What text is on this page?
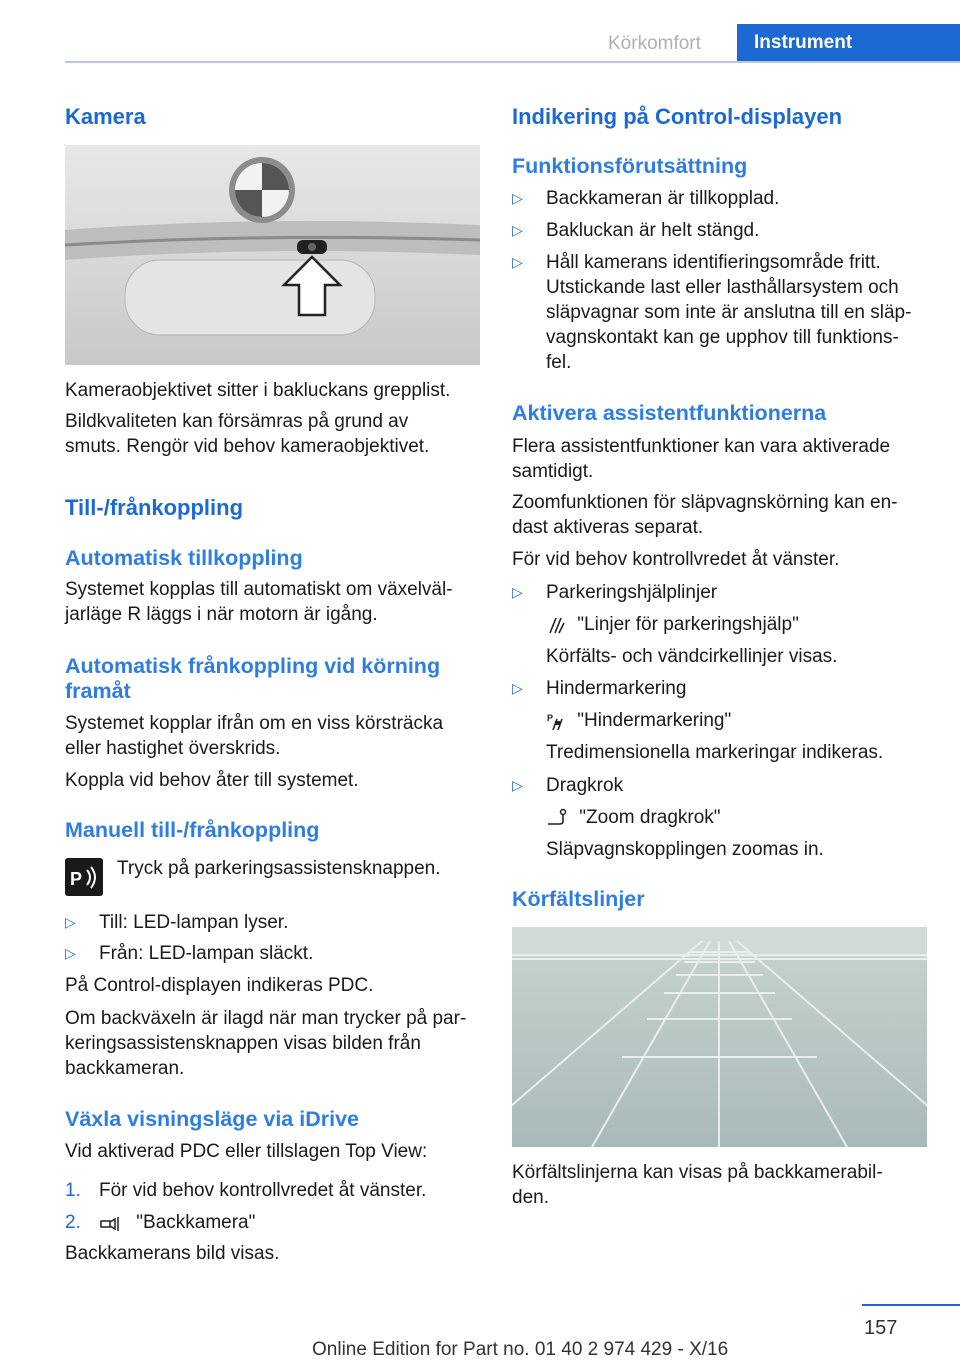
Körkomfort	Instrument
Kamera
Kameraobjektivet sitter i bakluckans grepplist.
Bildkvaliteten kan försämras på grund av
smuts. Rengör vid behov kameraobjektivet.
Till-/frånkoppling
Automatisk tillkoppling
Systemet kopplas till automatiskt om växelväl-
jarläge R läggs i när motorn är igång.
Automatisk frånkoppling vid körning
framåt
Systemet kopplar ifrån om en viss körsträcka
eller hastighet överskrids.
Koppla vid behov åter till systemet.
Manuell till-/frånkoppling
P Tryck på parkeringsassistensknappen.
▷ Till: LED-lampan lyser.
▷ Från: LED-lampan släckt.
På Control-displayen indikeras PDC.
Om backväxeln är ilagd när man trycker på par-
keringsassistensknappen visas bilden från
backkameran.
Växla visningsläge via iDrive
Vid aktiverad PDC eller tillslagen Top View:
1. För vid behov kontrollvredet åt vänster.
2.	"Backkamera"
Backkamerans bild visas.
Indikering på Control-displayen
Funktionsförutsättning
▷ Backkameran är tillkopplad.
▷ Bakluckan är helt stängd.
▷ Håll kamerans identifieringsområde fritt.
Utstickande last eller lasthållarsystem och
släpvagnar som inte är anslutna till en släp-
vagnskontakt kan ge upphov till funktions-
fel.
Aktivera assistentfunktionerna
Flera assistentfunktioner kan vara aktiverade
samtidigt.
Zoomfunktionen för släpvagnskörning kan en-
dast aktiveras separat.
För vid behov kontrollvredet åt vänster.
▷ Parkeringshjälplinjer
"Linjer för parkeringshjälp"
Körfälts- och vändcirkellinjer visas.
▷ Hindermarkering
P "Hindermarkering"
Tredimensionella markeringar indikeras.
▷ Dragkrok
"Zoom dragkrok"
Släpvagnskopplingen zoomas in.
Körfältslinjer
Körfältslinjerna kan visas på backkamerabil-
den.
157
Online Edition for Part no. 01 40 2 974 429 - X/16
